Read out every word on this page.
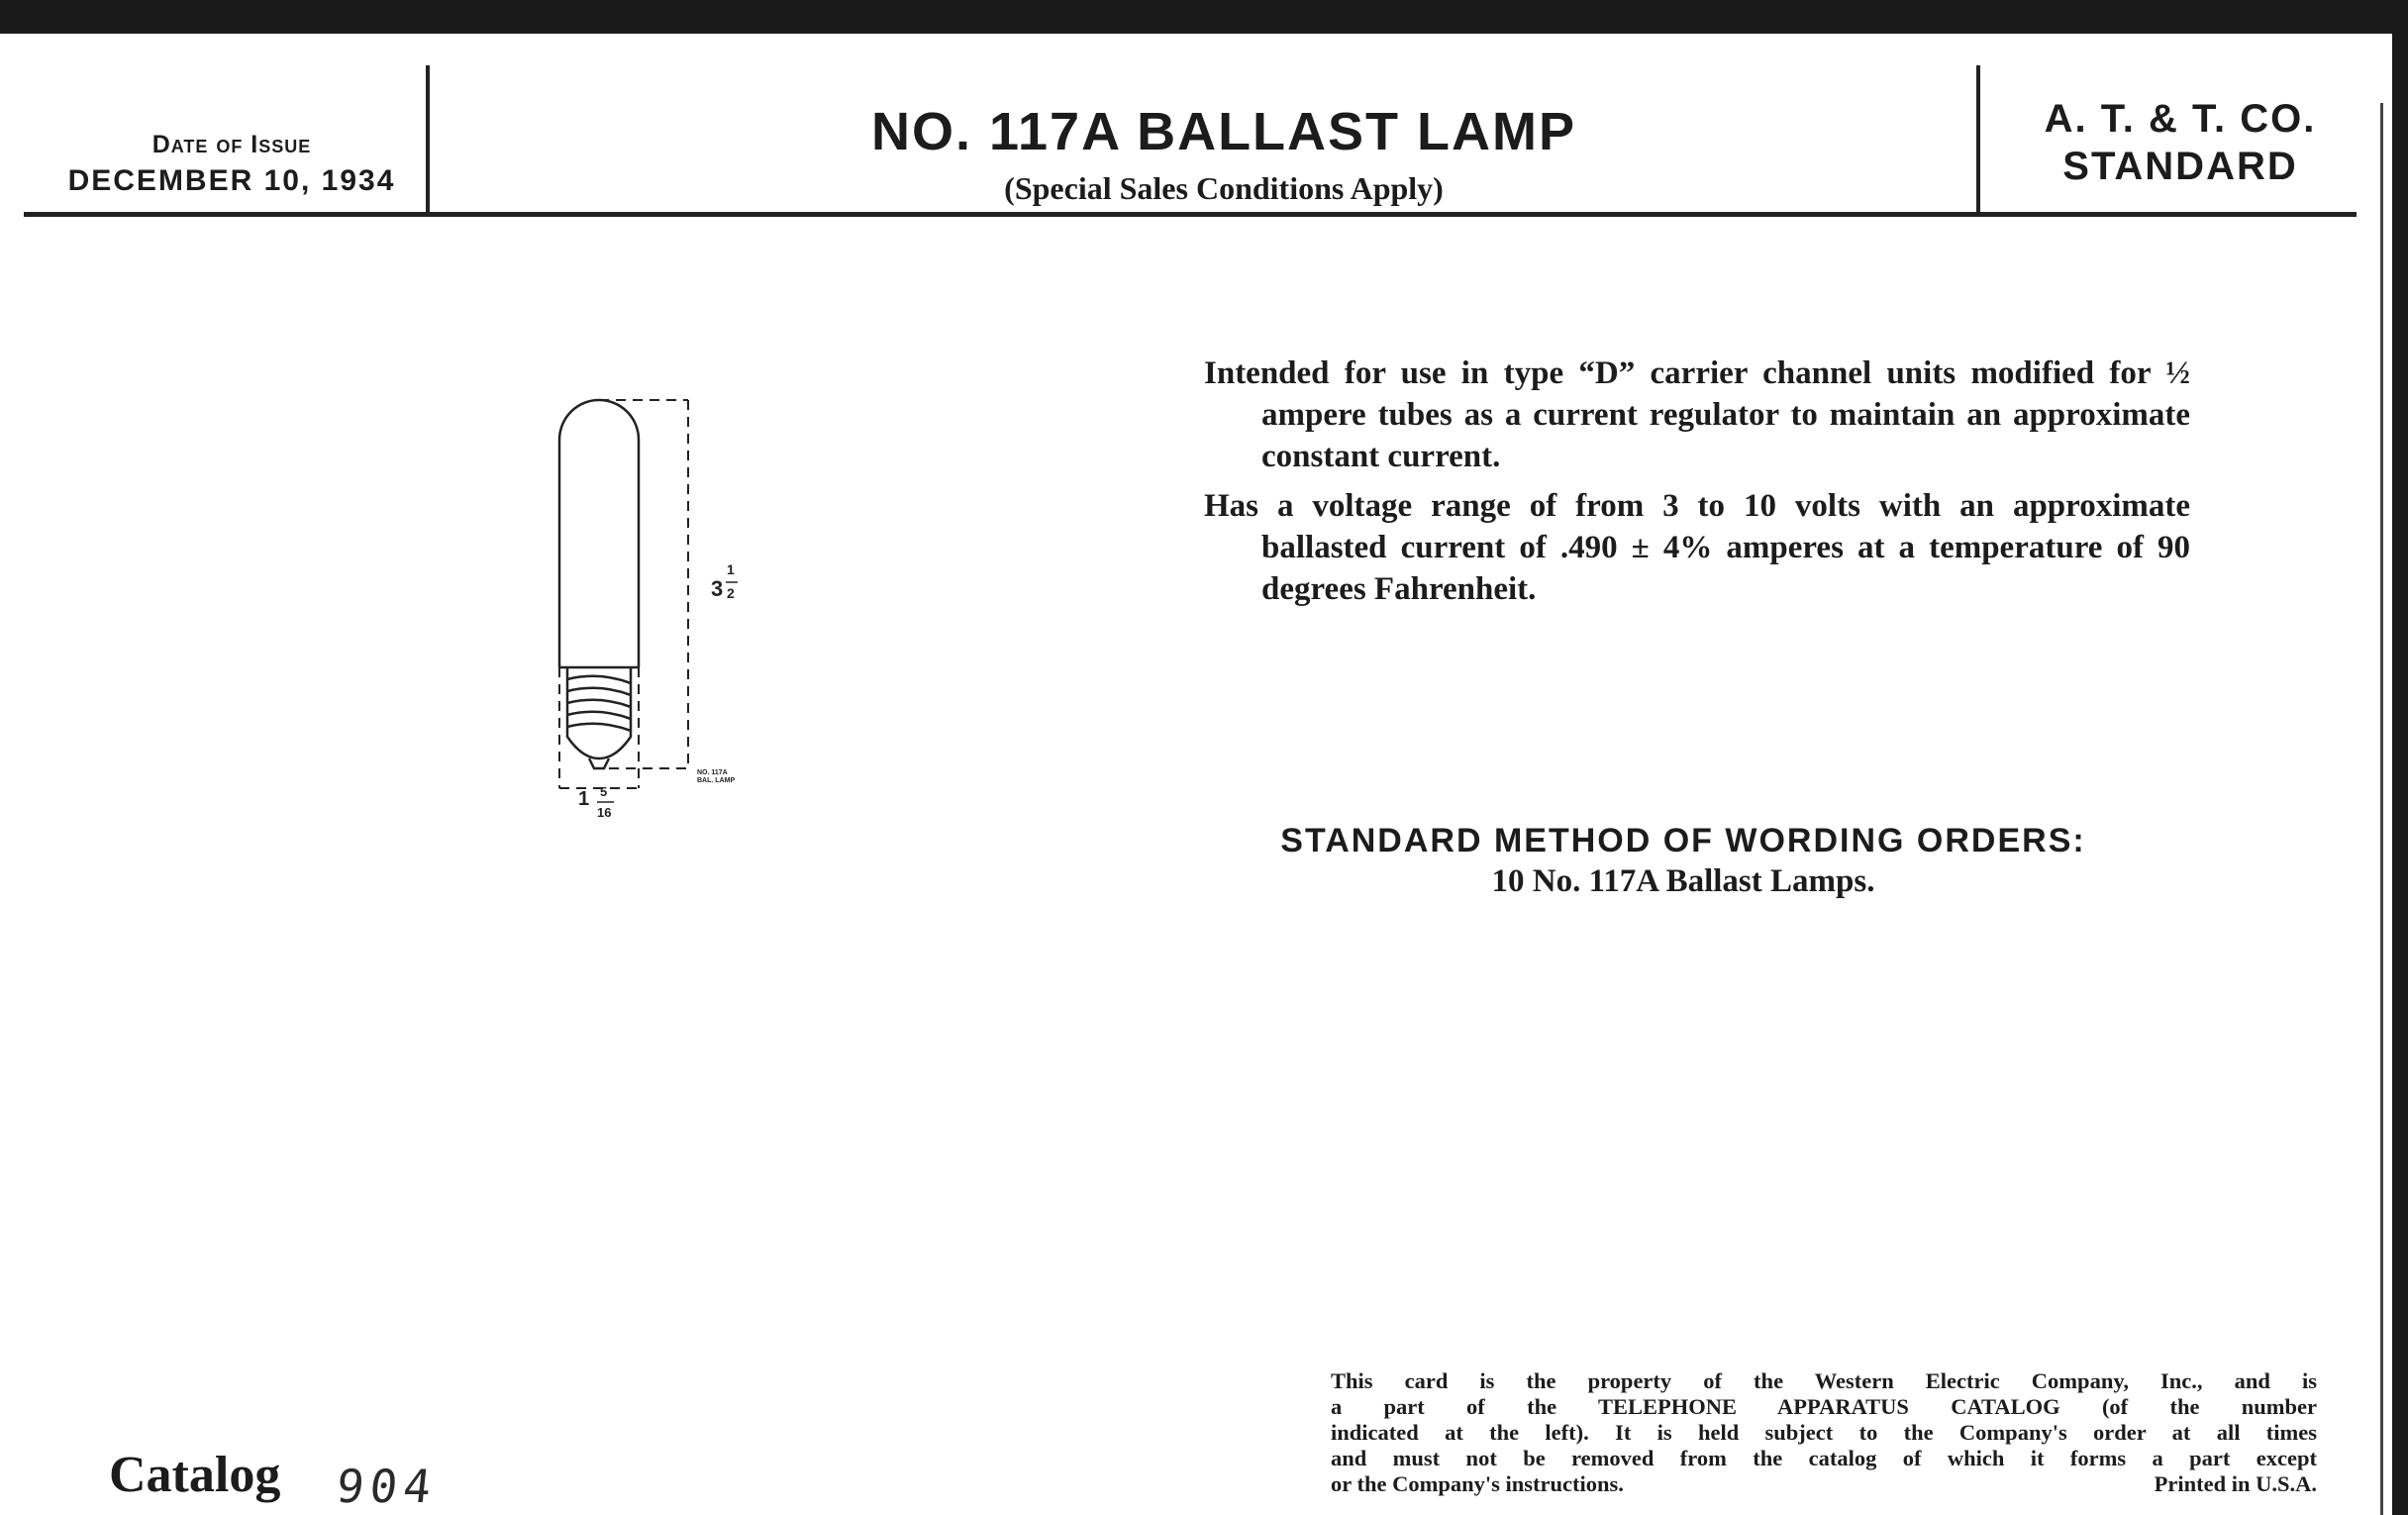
Date of Issue
DECEMBER 10, 1934
NO. 117A BALLAST LAMP
(Special Sales Conditions Apply)
A. T. & T. CO.
STANDARD
3
1
2
1 5
16
NO. 117A
BAL. LAMP

Intended for use in type “D” carrier channel units modified for ½ ampere tubes as a current regulator to maintain an approximate constant current.

Has a voltage range of from 3 to 10 volts with an approximate ballasted current of .490 ± 4% amperes at a temperature of 90 degrees Fahrenheit.

STANDARD METHOD OF WORDING ORDERS:
10 No. 117A Ballast Lamps.
Catalog 904

This card is the property of the Western Electric Company, Inc., and is

a part of the TELEPHONE APPARATUS CATALOG (of the number

indicated at the left). It is held subject to the Company's order at all times

and must not be removed from the catalog of which it forms a part except

or the Company's instructions.	Printed in U.S.A.
